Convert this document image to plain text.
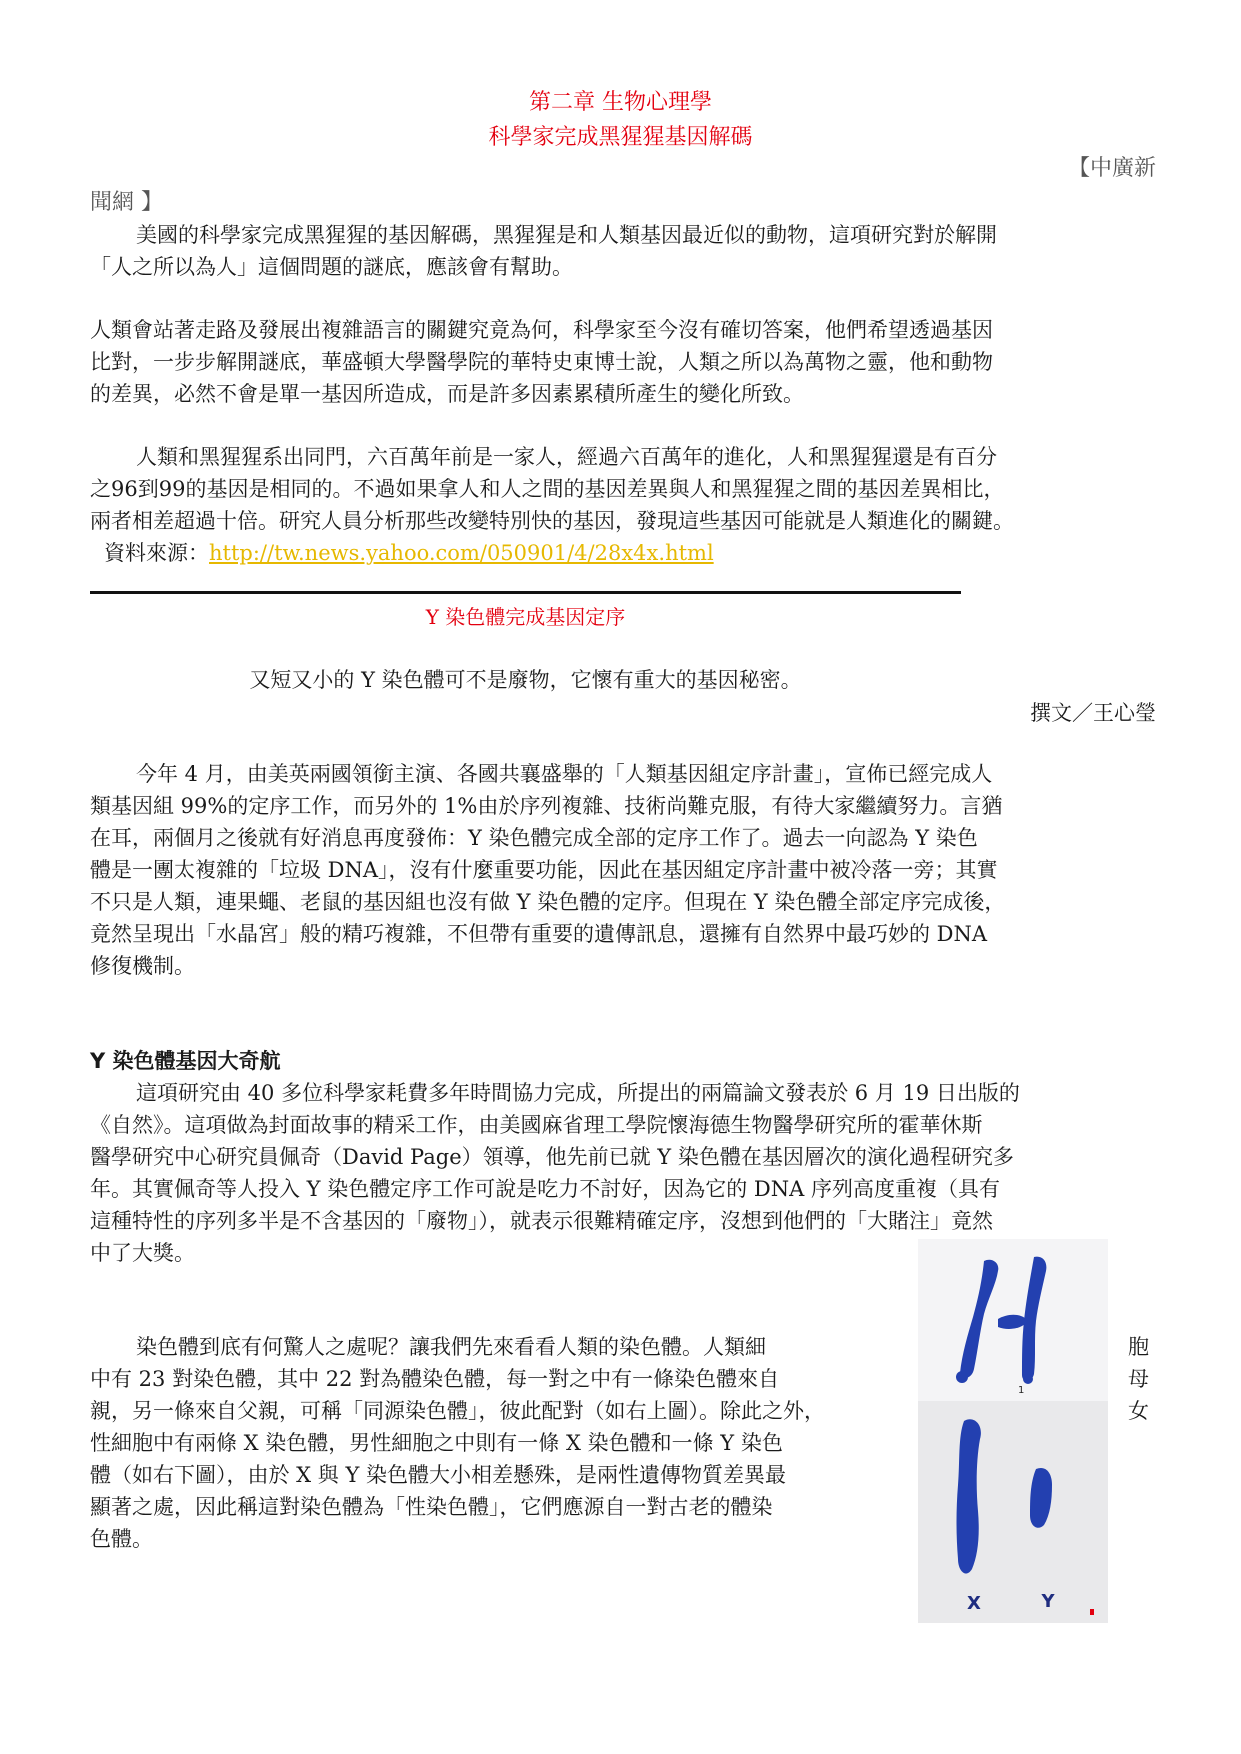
第二章 生物心理學
科學家完成黑猩猩基因解碼
【中廣新
聞網 】
美國的科學家完成黑猩猩的基因解碼，黑猩猩是和人類基因最近似的動物，這項研究對於解開

「人之所以為人」這個問題的謎底，應該會有幫助。
人類會站著走路及發展出複雜語言的關鍵究竟為何，科學家至今沒有確切答案，他們希望透過基因
比對，一步步解開謎底，華盛頓大學醫學院的華特史東博士說，人類之所以為萬物之靈，他和動物
的差異，必然不會是單一基因所造成，而是許多因素累積所產生的變化所致。
人類和黑猩猩系出同門，六百萬年前是一家人，經過六百萬年的進化，人和黑猩猩還是有百分
之96到99的基因是相同的。不過如果拿人和人之間的基因差異與人和黑猩猩之間的基因差異相比，
兩者相差超過十倍。研究人員分析那些改變特別快的基因，發現這些基因可能就是人類進化的關鍵。
資料來源：http://tw.news.yahoo.com/050901/4/28x4x.html
Y 染色體完成基因定序
又短又小的 Y 染色體可不是廢物，它懷有重大的基因秘密。
撰文／王心瑩
今年 4 月，由美英兩國領銜主演、各國共襄盛舉的「人類基因組定序計畫」，宣佈已經完成人
類基因組 99%的定序工作，而另外的 1%由於序列複雜、技術尚難克服，有待大家繼續努力。言猶
在耳，兩個月之後就有好消息再度發佈：Y 染色體完成全部的定序工作了。過去一向認為 Y 染色
體是一團太複雜的「垃圾 DNA」，沒有什麼重要功能，因此在基因組定序計畫中被冷落一旁；其實
不只是人類，連果蠅、老鼠的基因組也沒有做 Y 染色體的定序。但現在 Y 染色體全部定序完成後，
竟然呈現出「水晶宮」般的精巧複雜，不但帶有重要的遺傳訊息，還擁有自然界中最巧妙的 DNA
修復機制。
Y 染色體基因大奇航
這項研究由 40 多位科學家耗費多年時間協力完成，所提出的兩篇論文發表於 6 月 19 日出版的
《自然》。這項做為封面故事的精采工作，由美國麻省理工學院懷海德生物醫學研究所的霍華休斯
醫學研究中心研究員佩奇（David Page）領導，他先前已就 Y 染色體在基因層次的演化過程研究多
年。其實佩奇等人投入 Y 染色體定序工作可說是吃力不討好，因為它的 DNA 序列高度重複（具有
這種特性的序列多半是不含基因的「廢物」），就表示很難精確定序，沒想到他們的「大賭注」竟然
中了大獎。
染色體到底有何驚人之處呢？讓我們先來看看人類的染色體。人類細
中有 23 對染色體，其中 22 對為體染色體，每一對之中有一條染色體來自
親，另一條來自父親，可稱「同源染色體」，彼此配對（如右上圖）。除此之外，
性細胞中有兩條 X 染色體，男性細胞之中則有一條 X 染色體和一條 Y 染色
體（如右下圖），由於 X 與 Y 染色體大小相差懸殊，是兩性遺傳物質差異最
顯著之處，因此稱這對染色體為「性染色體」，它們應源自一對古老的體染
色體。
胞
母
女
1
X	Y
